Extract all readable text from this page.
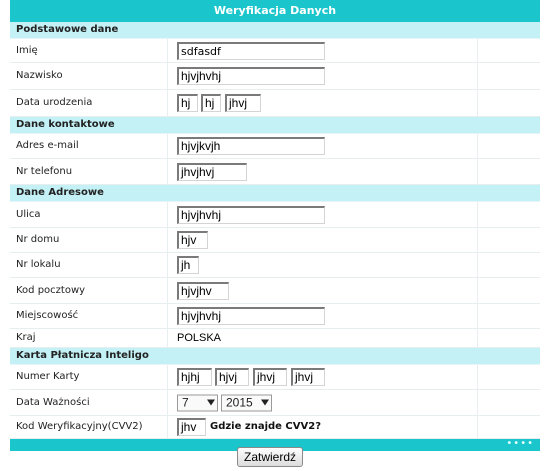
Weryfikacja Danych
Podstawowe dane
Imię	sdfasdf
Nazwisko	hjvjhvhj
Data urodzenia	hj	hj	jhvj
Dane kontaktowe
Adres e-mail	hjvjkvjh
Nr telefonu	jhvjhvj
Dane Adresowe
Ulica	hjvjhvhj
Nr domu	hjv
Nr lokalu	jh
Kod pocztowy	hjvjhv
Miejscowość	hjvjhvhj
Kraj	POLSKA
Karta Płatnicza Inteligo
Numer Karty	hjhj	hjvj	jhvj	jhvj
Data Ważności	7	2015
Kod Weryfikacyjny(CVV2)	jhv	Gdzie znajde CVV2?
••••
Zatwierdź
